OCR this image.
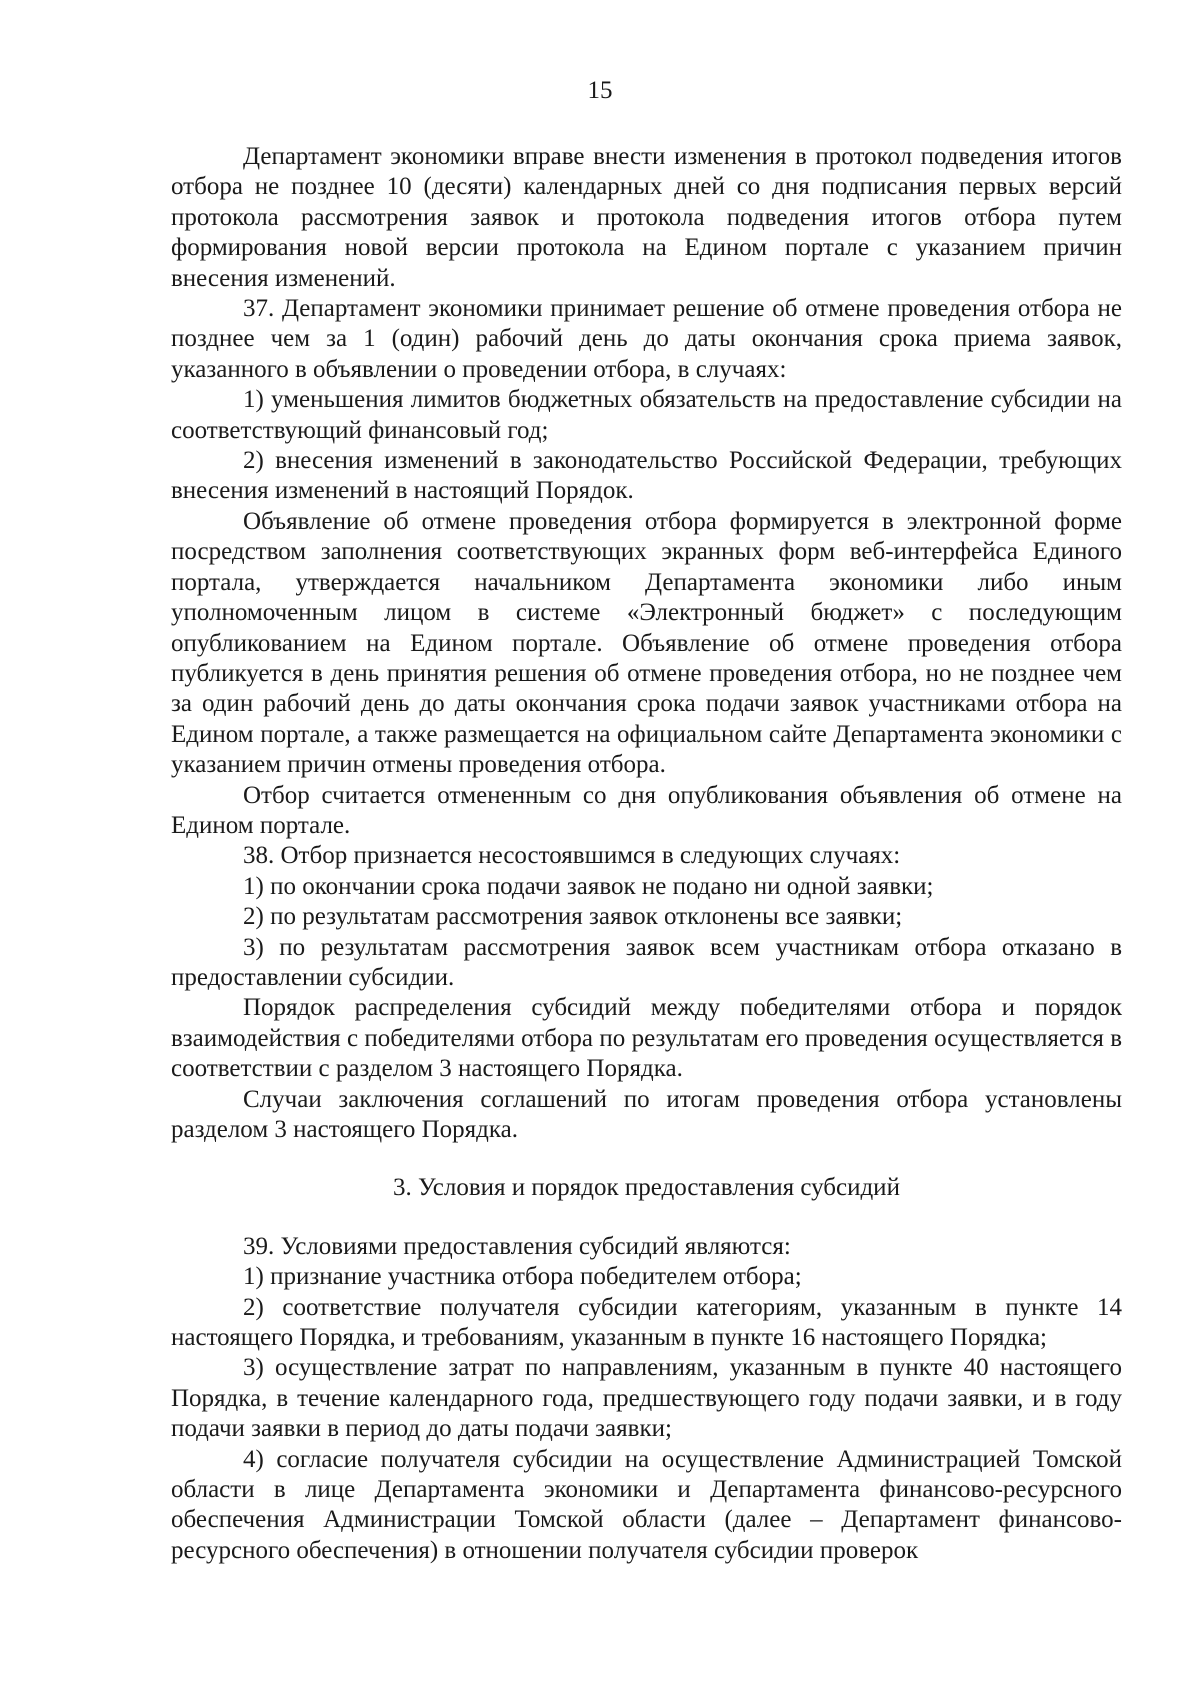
15

Департамент экономики вправе внести изменения в протокол подведения итогов отбора не позднее 10 (десяти) календарных дней со дня подписания первых версий протокола рассмотрения заявок и протокола подведения итогов отбора путем формирования новой версии протокола на Едином портале с указанием причин внесения изменений.

37. Департамент экономики принимает решение об отмене проведения отбора не позднее чем за 1 (один) рабочий день до даты окончания срока приема заявок, указанного в объявлении о проведении отбора, в случаях:

1) уменьшения лимитов бюджетных обязательств на предоставление субсидии на соответствующий финансовый год;

2) внесения изменений в законодательство Российской Федерации, требующих внесения изменений в настоящий Порядок.

Объявление об отмене проведения отбора формируется в электронной форме посредством заполнения соответствующих экранных форм веб-интерфейса Единого портала, утверждается начальником Департамента экономики либо иным уполномоченным лицом в системе «Электронный бюджет» с последующим опубликованием на Едином портале. Объявление об отмене проведения отбора публикуется в день принятия решения об отмене проведения отбора, но не позднее чем за один рабочий день до даты окончания срока подачи заявок участниками отбора на Едином портале, а также размещается на официальном сайте Департамента экономики с указанием причин отмены проведения отбора.

Отбор считается отмененным со дня опубликования объявления об отмене на Едином портале.

38. Отбор признается несостоявшимся в следующих случаях:

1) по окончании срока подачи заявок не подано ни одной заявки;

2) по результатам рассмотрения заявок отклонены все заявки;

3) по результатам рассмотрения заявок всем участникам отбора отказано в предоставлении субсидии.

Порядок распределения субсидий между победителями отбора и порядок взаимодействия с победителями отбора по результатам его проведения осуществляется в соответствии с разделом 3 настоящего Порядка.

Случаи заключения соглашений по итогам проведения отбора установлены разделом 3 настоящего Порядка.

3. Условия и порядок предоставления субсидий

39. Условиями предоставления субсидий являются:

1) признание участника отбора победителем отбора;

2) соответствие получателя субсидии категориям, указанным в пункте 14 настоящего Порядка, и требованиям, указанным в пункте 16 настоящего Порядка;

3) осуществление затрат по направлениям, указанным в пункте 40 настоящего Порядка, в течение календарного года, предшествующего году подачи заявки, и в году подачи заявки в период до даты подачи заявки;

4) согласие получателя субсидии на осуществление Администрацией Томской области в лице Департамента экономики и Департамента финансово-ресурсного обеспечения Администрации Томской области (далее – Департамент финансово-ресурсного обеспечения) в отношении получателя субсидии проверок
